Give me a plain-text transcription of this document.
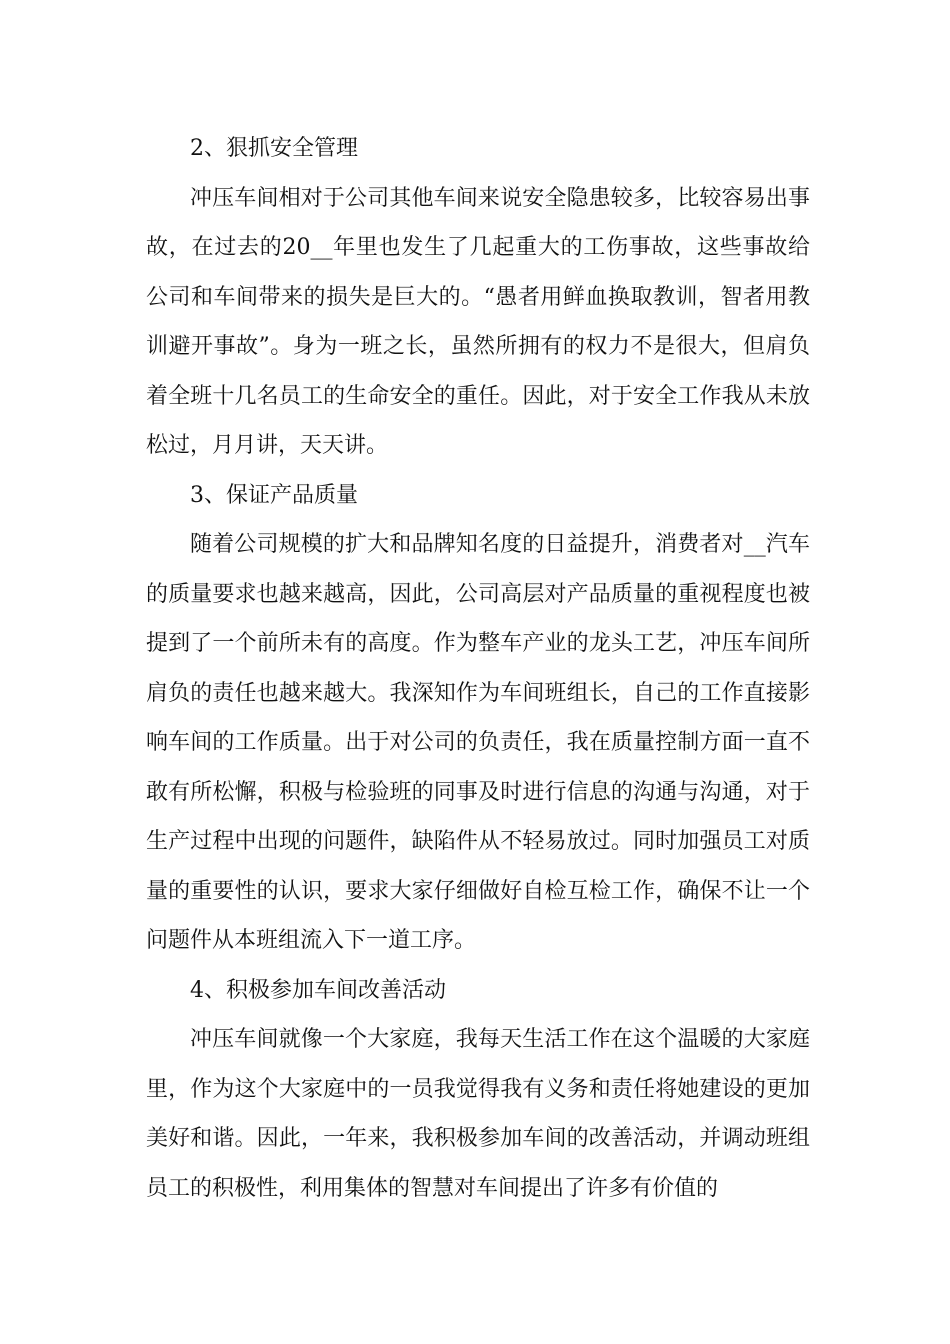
2、狠抓安全管理

冲压车间相对于公司其他车间来说安全隐患较多，比较容易出事故，在过去的20__年里也发生了几起重大的工伤事故，这些事故给公司和车间带来的损失是巨大的。“愚者用鲜血换取教训，智者用教训避开事故”。身为一班之长，虽然所拥有的权力不是很大，但肩负着全班十几名员工的生命安全的重任。因此，对于安全工作我从未放松过，月月讲，天天讲。

3、保证产品质量

随着公司规模的扩大和品牌知名度的日益提升，消费者对__汽车的质量要求也越来越高，因此，公司高层对产品质量的重视程度也被提到了一个前所未有的高度。作为整车产业的龙头工艺，冲压车间所肩负的责任也越来越大。我深知作为车间班组长，自己的工作直接影响车间的工作质量。出于对公司的负责任，我在质量控制方面一直不敢有所松懈，积极与检验班的同事及时进行信息的沟通与沟通，对于生产过程中出现的问题件，缺陷件从不轻易放过。同时加强员工对质量的重要性的认识，要求大家仔细做好自检互检工作，确保不让一个问题件从本班组流入下一道工序。

4、积极参加车间改善活动

冲压车间就像一个大家庭，我每天生活工作在这个温暖的大家庭里，作为这个大家庭中的一员我觉得我有义务和责任将她建设的更加美好和谐。因此，一年来，我积极参加车间的改善活动，并调动班组员工的积极性，利用集体的智慧对车间提出了许多有价值的
